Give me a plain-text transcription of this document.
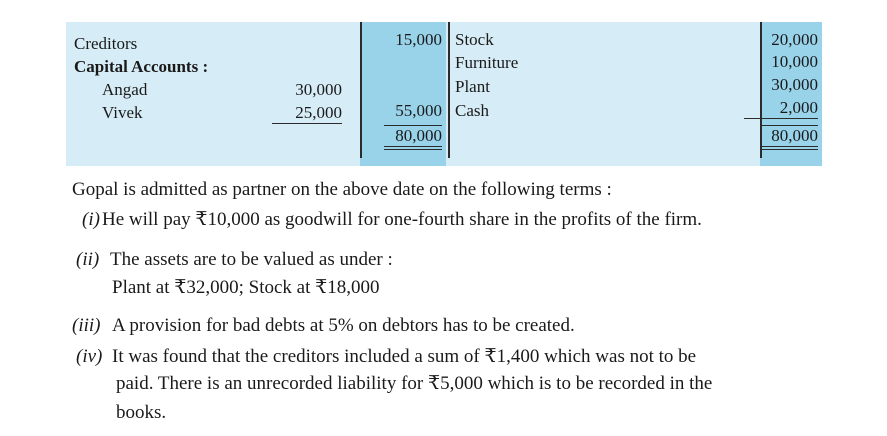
Creditors
Capital Accounts :
Angad
Vivek
30,000
25,000
15,000
55,000
80,000
Stock
Furniture
Plant
Cash
20,000
10,000
30,000
2,000
80,000
Gopal is admitted as partner on the above date on the following terms :
(i) He will pay ₹10,000 as goodwill for one-fourth share in the profits of the firm.
(ii) The assets are to be valued as under :
Plant at ₹32,000; Stock at ₹18,000
(iii) A provision for bad debts at 5% on debtors has to be created.
(iv) It was found that the creditors included a sum of ₹1,400 which was not to be
paid. There is an unrecorded liability for ₹5,000 which is to be recorded in the
books.
